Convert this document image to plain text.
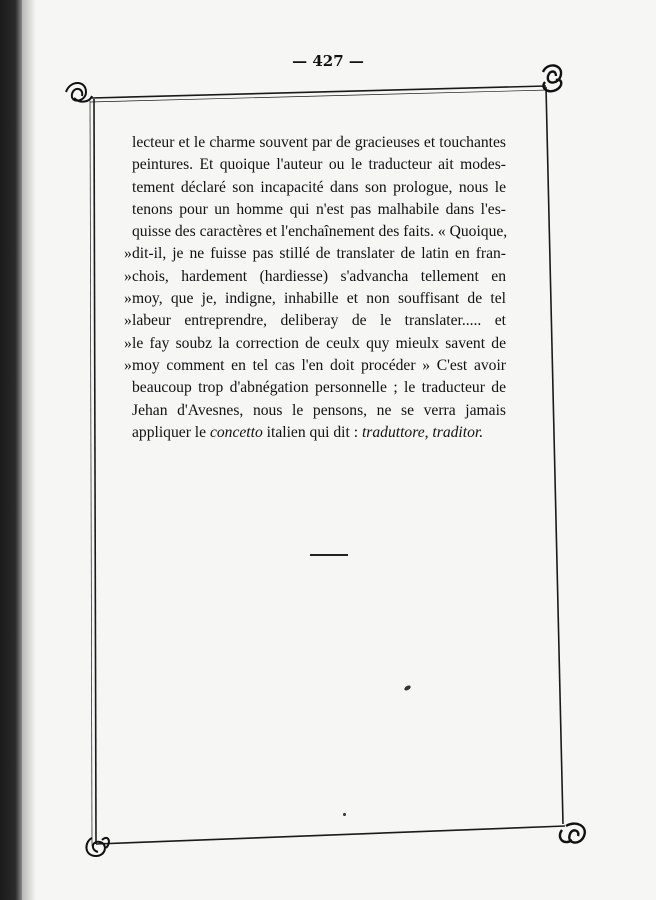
— 427 —
lecteur et le charme souvent par de gracieuses et touchantes
peintures. Et quoique l'auteur ou le traducteur ait modes-
tement déclaré son incapacité dans son prologue, nous le
tenons pour un homme qui n'est pas malhabile dans l'es-
quisse des caractères et l'enchaînement des faits. « Quoique,
» dit-il, je ne fuisse pas stillé de translater de latin en fran-
» chois, hardement (hardiesse) s'advancha tellement en
» moy, que je, indigne, inhabille et non souffisant de tel
» labeur entreprendre, deliberay de le translater..... et
» le fay soubz la correction de ceulx quy mieulx savent de
» moy comment en tel cas l'en doit procéder » C'est avoir
beaucoup trop d'abnégation personnelle ; le traducteur de
Jehan d'Avesnes, nous le pensons, ne se verra jamais
appliquer le concetto italien qui dit : traduttore, traditor.
